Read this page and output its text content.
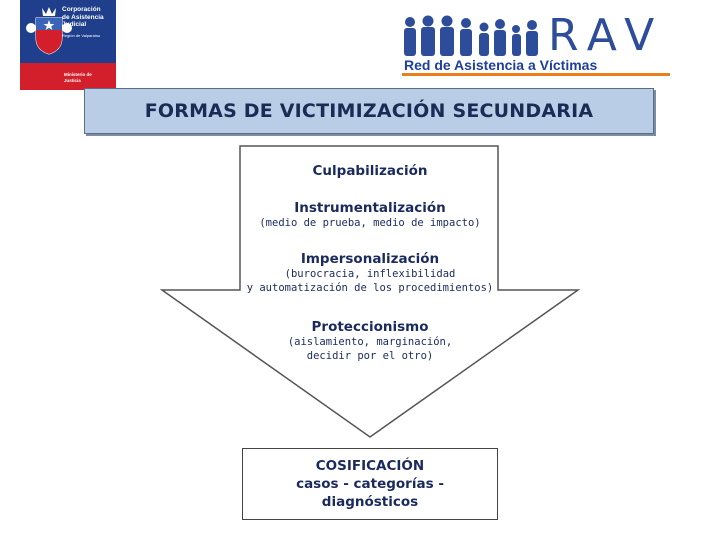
Corporación
de Asistencia
Judicial
Región de Valparaíso
Ministerio de
Justicia
RAV
Red de Asistencia a Víctimas
FORMAS DE VICTIMIZACIÓN SECUNDARIA
Culpabilización
Instrumentalización
(medio de prueba, medio de impacto)
Impersonalización
(burocracia, inflexibilidad
y automatización de los procedimientos)
Proteccionismo
(aislamiento, marginación,
decidir por el otro)
COSIFICACIÓN
casos - categorías -
diagnósticos
